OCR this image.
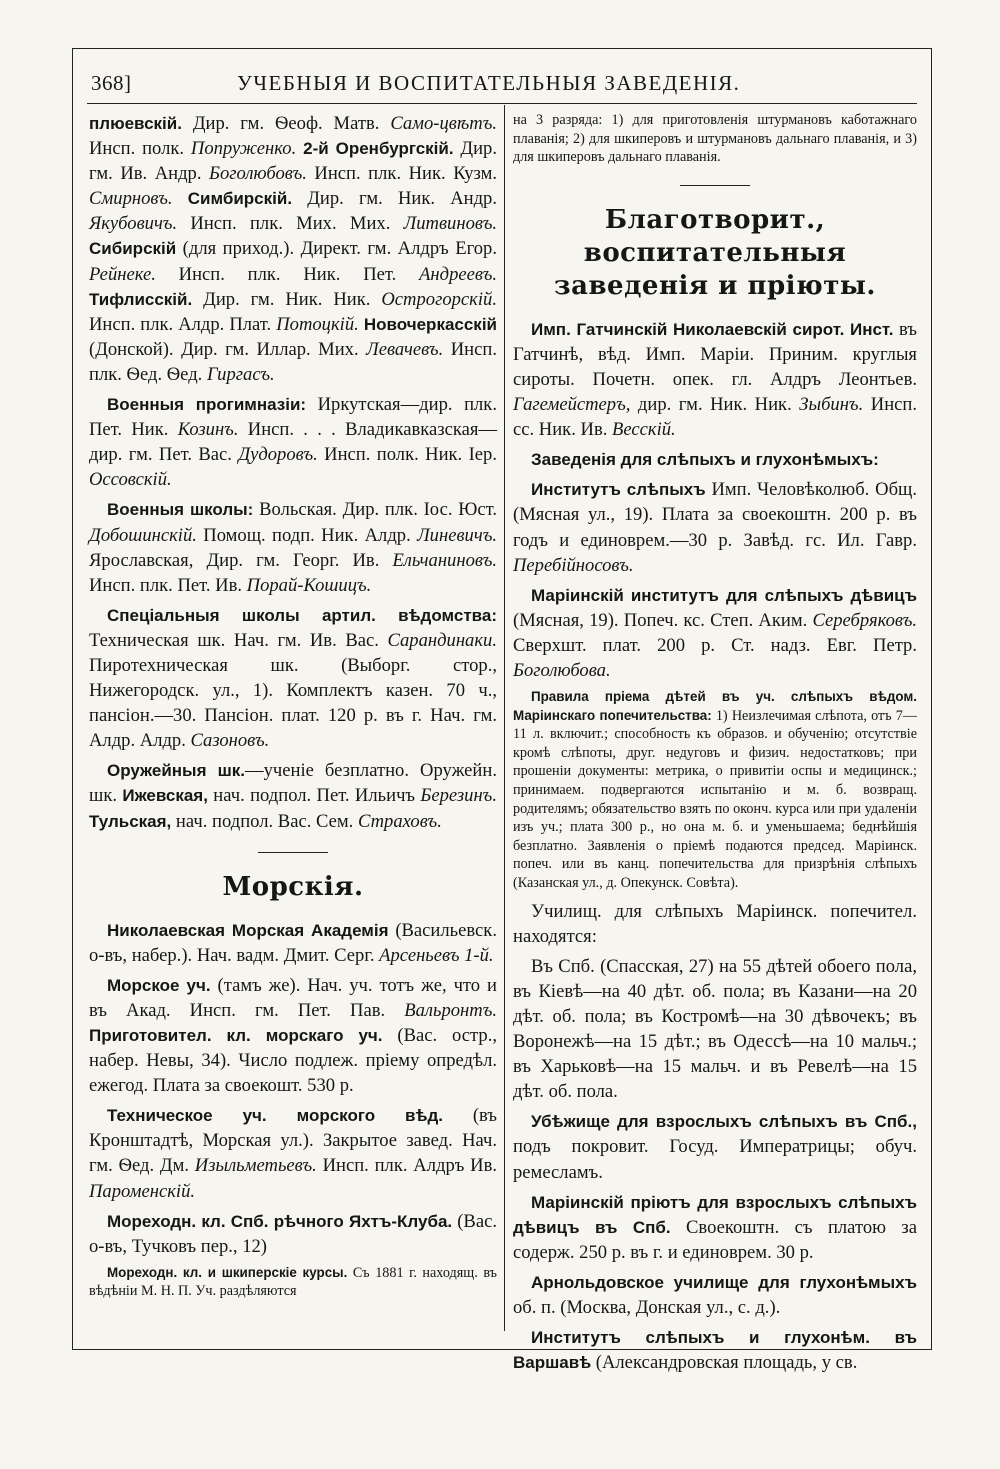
368]	УЧЕБНЫЯ И ВОСПИТАТЕЛЬНЫЯ ЗАВЕДЕНІЯ.

плюевскій. Дир. гм. Ѳеоф. Матв. Само-цвѣтъ. Инсп. полк. Попруженко. 2-й Оренбургскій. Дир. гм. Ив. Андр. Боголюбовъ. Инсп. плк. Ник. Кузм. Смирновъ. Симбирскій. Дир. гм. Ник. Андр. Якубовичъ. Инсп. плк. Мих. Мих. Литвиновъ. Сибирскій (для приход.). Директ. гм. Алдръ Егор. Рейнеке. Инсп. плк. Ник. Пет. Андреевъ. Тифлисскій. Дир. гм. Ник. Ник. Острогорскій. Инсп. плк. Алдр. Плат. Потоцкій. Новочеркасскій (Донской). Дир. гм. Иллар. Мих. Левачевъ. Инсп. плк. Ѳед. Ѳед. Гиргасъ.

Военныя прогимназіи: Иркутская—дир. плк. Пет. Ник. Козинъ. Инсп. . . . Владикавказская—дир. гм. Пет. Вас. Дудоровъ. Инсп. полк. Ник. Іер. Оссовскій.

Военныя школы: Вольская. Дир. плк. Іос. Юст. Добошинскій. Помощ. подп. Ник. Алдр. Линевичъ. Ярославская, Дир. гм. Георг. Ив. Ельчаниновъ. Инсп. плк. Пет. Ив. Порай-Кошицъ.

Спеціальныя школы артил. вѣдомства: Техническая шк. Нач. гм. Ив. Вас. Сарандинаки. Пиротехническая шк. (Выборг. стор., Нижегородск. ул., 1). Комплектъ казен. 70 ч., пансіон.—30. Пансіон. плат. 120 р. въ г. Нач. гм. Алдр. Алдр. Сазоновъ.

Оружейныя шк.—ученіе безплатно. Оружейн. шк. Ижевская, нач. подпол. Пет. Ильичъ Березинъ. Тульская, нач. подпол. Вас. Сем. Страховъ.

Морскія.

Николаевская Морская Академія (Васильевск. о-въ, набер.). Нач. вадм. Дмит. Серг. Арсеньевъ 1-й.

Морское уч. (тамъ же). Нач. уч. тотъ же, что и въ Акад. Инсп. гм. Пет. Пав. Вальронтъ. Приготовител. кл. морскаго уч. (Вас. остр., набер. Невы, 34). Число подлеж. пріему опредѣл. ежегод. Плата за своекошт. 530 р.

Техническое уч. морского вѣд. (въ Кронштадтѣ, Морская ул.). Закрытое завед. Нач. гм. Ѳед. Дм. Изыльметьевъ. Инсп. плк. Алдръ Ив. Пароменскій.

Мореходн. кл. Спб. рѣчного Яхтъ-Клуба. (Вас. о-въ, Тучковъ пер., 12)

Мореходн. кл. и шкиперскіе курсы. Съ 1881 г. находящ. въ вѣдѣніи М. Н. П. Уч. раздѣляются

на 3 разряда: 1) для приготовленія штурмановъ каботажнаго плаванія; 2) для шкиперовъ и штурмановъ дальнаго плаванія, и 3) для шкиперовъ дальнаго плаванія.

Благотворит., воспитательныя заведенія и пріюты.

Имп. Гатчинскій Николаевскій сирот. Инст. въ Гатчинѣ, вѣд. Имп. Маріи. Приним. круглыя сироты. Почетн. опек. гл. Алдръ Леонтьев. Гагемейстеръ, дир. гм. Ник. Ник. Зыбинъ. Инсп. сс. Ник. Ив. Весскій.

Заведенія для слѣпыхъ и глухонѣмыхъ:

Институтъ слѣпыхъ Имп. Человѣколюб. Общ. (Мясная ул., 19). Плата за своекоштн. 200 р. въ годъ и единоврем.—30 р. Завѣд. гс. Ил. Гавр. Перебійносовъ.

Маріинскій институтъ для слѣпыхъ дѣвицъ (Мясная, 19). Попеч. кс. Степ. Аким. Серебряковъ. Сверхшт. плат. 200 р. Ст. надз. Евг. Петр. Боголюбова.

Правила пріема дѣтей въ уч. слѣпыхъ вѣдом. Маріинскаго попечительства: 1) Неизлечимая слѣпота, отъ 7—11 л. включит.; способность къ образов. и обученію; отсутствіе кромѣ слѣпоты, друг. недуговъ и физич. недостатковъ; при прошеніи документы: метрика, о привитіи оспы и медицинск.; принимаем. подвергаются испытанію и м. б. возвращ. родителямъ; обязательство взять по оконч. курса или при удаленіи изъ уч.; плата 300 р., но она м. б. и уменьшаема; беднѣйшія безплатно. Заявленія о пріемѣ подаются председ. Маріинск. попеч. или въ канц. попечительства для призрѣнія слѣпыхъ (Казанская ул., д. Опекунск. Совѣта).

Училищ. для слѣпыхъ Маріинск. попечител. находятся:

Въ Спб. (Спасская, 27) на 55 дѣтей обоего пола, въ Кіевѣ—на 40 дѣт. об. пола; въ Казани—на 20 дѣт. об. пола; въ Костромѣ—на 30 дѣвочекъ; въ Воронежѣ—на 15 дѣт.; въ Одессѣ—на 10 мальч.; въ Харьковѣ—на 15 мальч. и въ Ревелѣ—на 15 дѣт. об. пола.

Убѣжище для взрослыхъ слѣпыхъ въ Спб., подъ покровит. Госуд. Императрицы; обуч. ремесламъ.

Маріинскій пріютъ для взрослыхъ слѣпыхъ дѣвицъ въ Спб. Своекоштн. съ платою за содерж. 250 р. въ г. и единоврем. 30 р.

Арнольдовское училище для глухонѣмыхъ об. п. (Москва, Донская ул., с. д.).

Институтъ слѣпыхъ и глухонѣм. въ Варшавѣ (Александровская площадь, у св.
